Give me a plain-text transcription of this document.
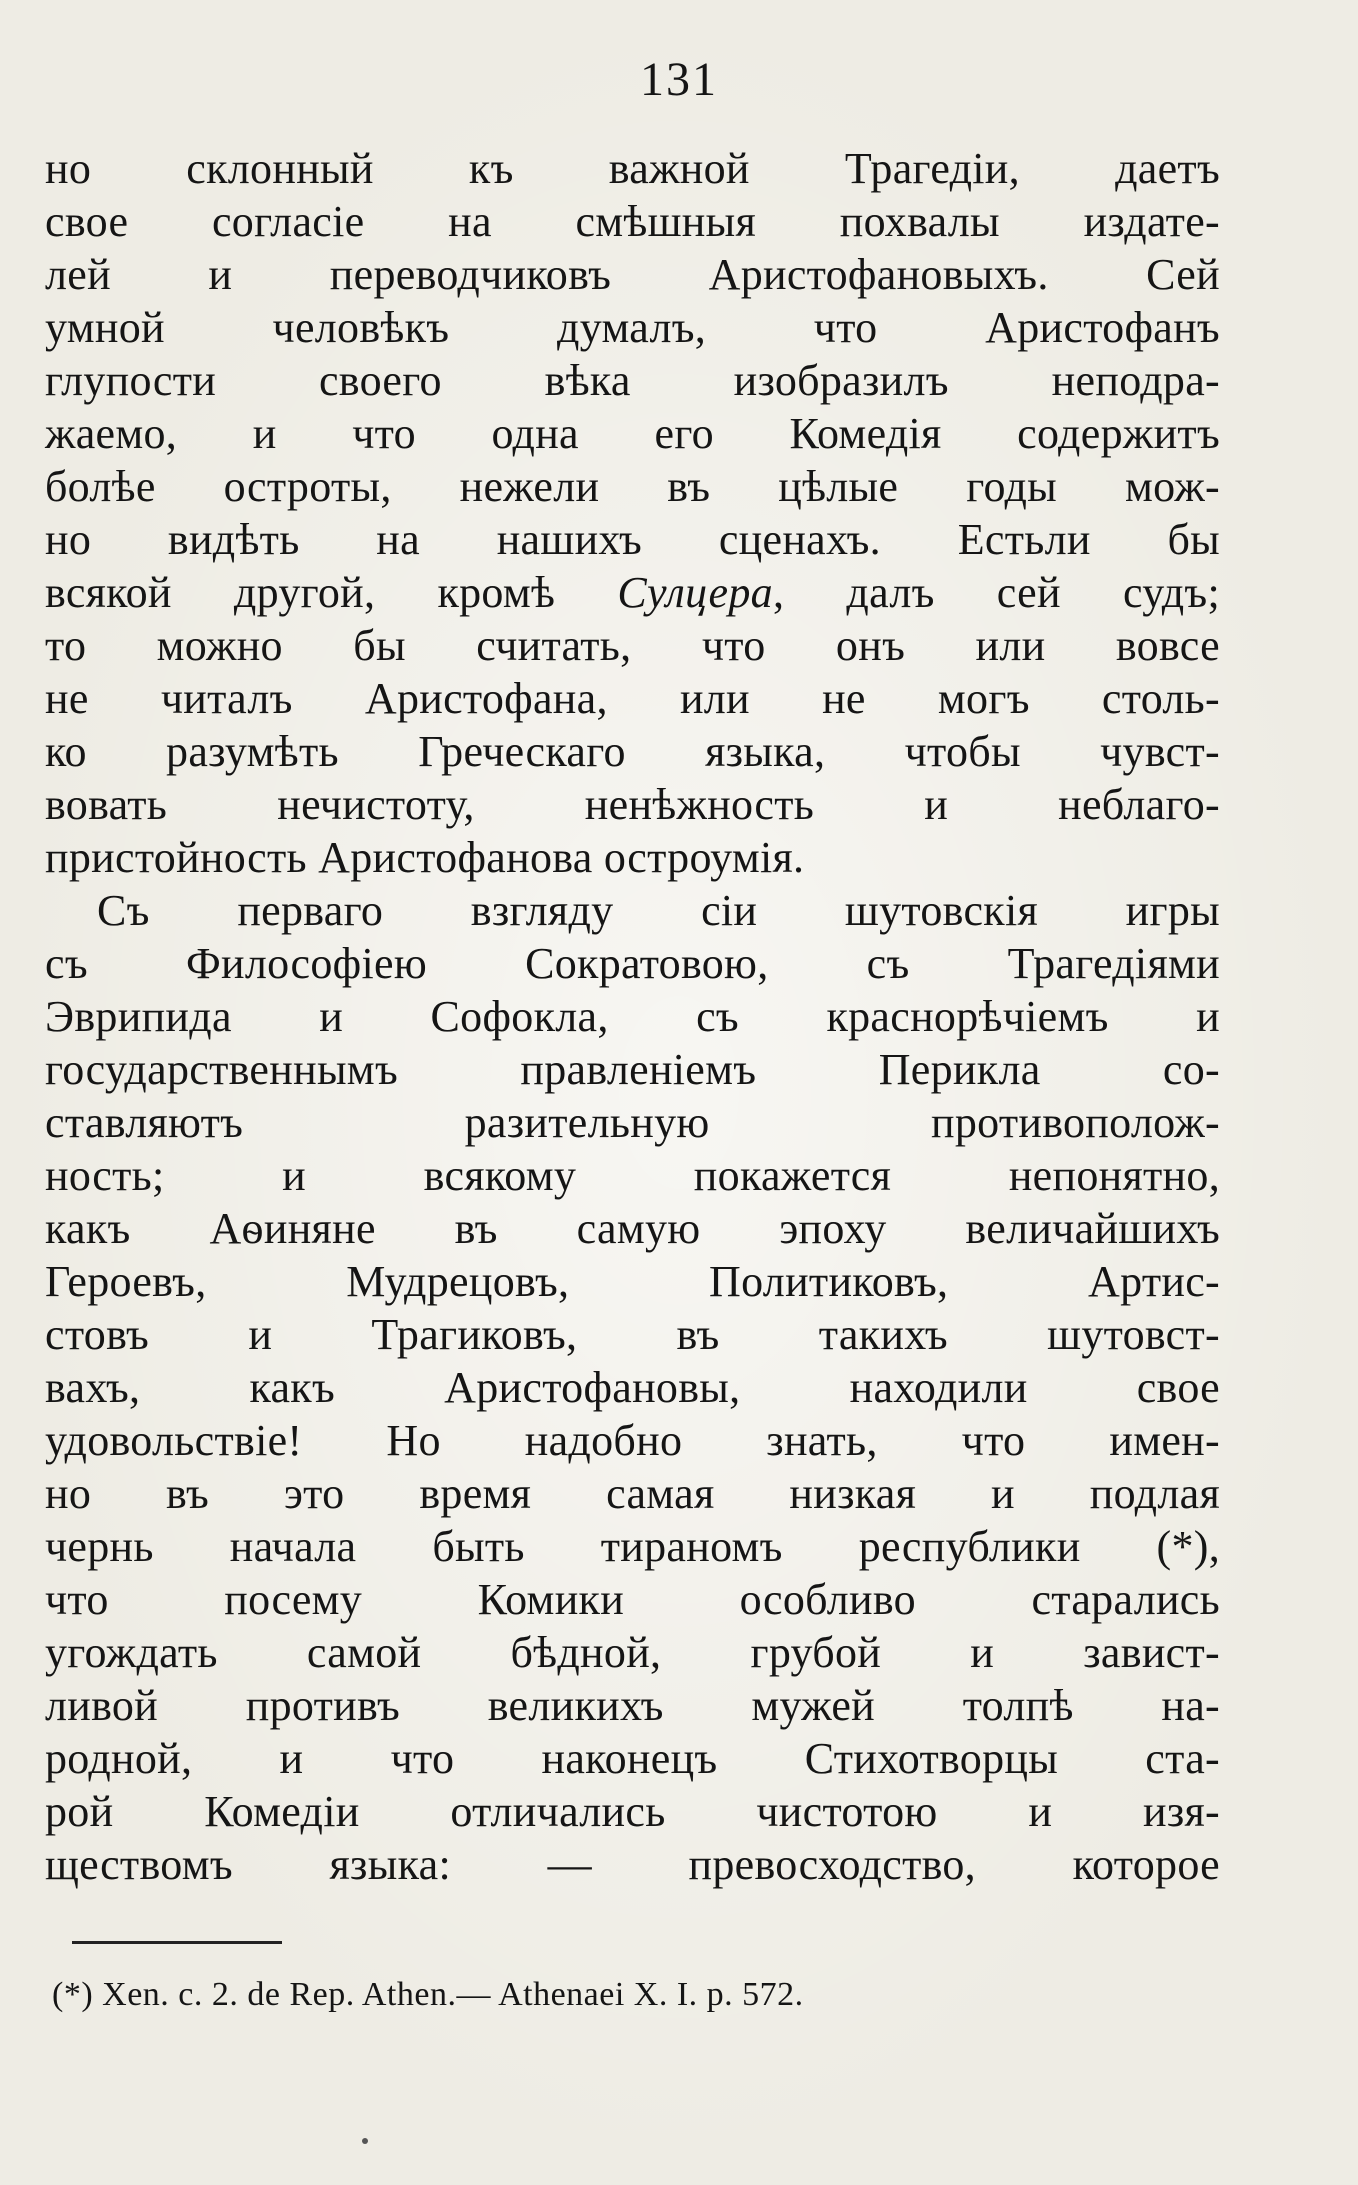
131
но склонный къ важной Трагедіи, даетъ
свое согласіе на смѣшныя похвалы издате-
лей и переводчиковъ Аристофановыхъ. Сей
умной человѣкъ думалъ, что Аристофанъ
глупости своего вѣка изобразилъ неподра-
жаемо, и что одна его Комедія содержитъ
болѣе остроты, нежели въ цѣлые годы мож-
но видѣть на нашихъ сценахъ. Естьли бы
всякой другой, кромѣ Сулцера, далъ сей судъ;
то можно бы считать, что онъ или вовсе
не читалъ Аристофана, или не могъ столь-
ко разумѣть Греческаго языка, чтобы чувст-
вовать нечистоту, ненѣжность и неблаго-
пристойность Аристофанова остроумія.
Съ перваго взгляду сіи шутовскія игры
съ Философіею Сократовою, съ Трагедіями
Эврипида и Софокла, съ краснорѣчіемъ и
государственнымъ правленіемъ Перикла со-
ставляютъ разительную противополож-
ность; и всякому покажется непонятно,
какъ Аѳиняне въ самую эпоху величайшихъ
Героевъ, Мудрецовъ, Политиковъ, Артис-
стовъ и Трагиковъ, въ такихъ шутовст-
вахъ, какъ Аристофановы, находили свое
удовольствіе! Но надобно знать, что имен-
но въ это время самая низкая и подлая
чернь начала быть тираномъ республики (*),
что посему Комики особливо старались
угождать самой бѣдной, грубой и завист-
ливой противъ великихъ мужей толпѣ на-
родной, и что наконецъ Стихотворцы ста-
рой Комедіи отличались чистотою и изя-
ществомъ языка: — превосходство, которое
(*) Xen. c. 2. de Rep. Athen.— Athenaei X. I. p. 572.
